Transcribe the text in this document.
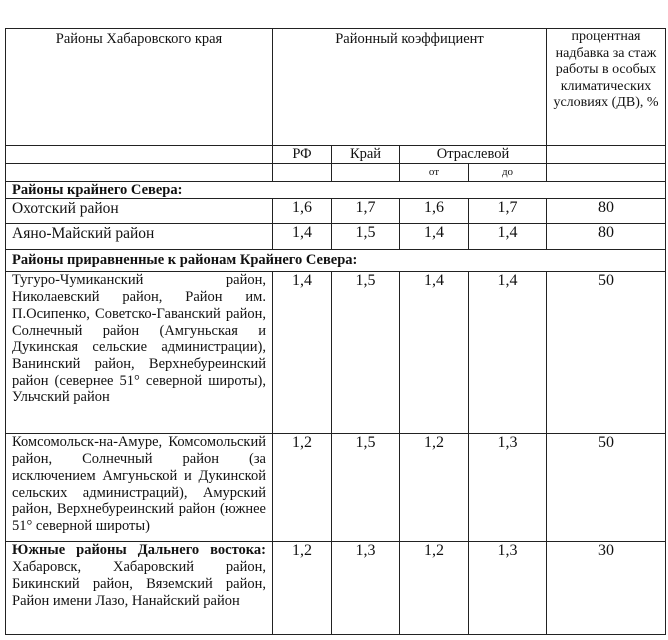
Районы Хабаровского края	Районный коэффициент				процентная надбавка за стаж работы в особых климатических условиях (ДВ), %
	РФ	Край	Отраслевой		
			от	до	
Районы крайнего Севера:					
Охотский район	1,6	1,7	1,6	1,7	80
Аяно-Майский район	1,4	1,5	1,4	1,4	80
Районы приравненные к районам Крайнего Севера:					
Тугуро-Чумиканский район, Николаевский район, Район им. П.Осипенко, Советско-Гаванский район, Солнечный район (Амгуньская и Дукинская сельские администрации), Ванинский район, Верхнебуреинский район (севернее 51° северной широты), Ульчский район	1,4	1,5	1,4	1,4	50
Комсомольск-на-Амуре, Комсомольский район, Солнечный район (за исключением Амгуньской и Дукинской сельских администраций), Амурский район, Верхнебуреинский район (южнее 51° северной широты)	1,2	1,5	1,2	1,3	50
Южные районы Дальнего востока: Хабаровск, Хабаровский район, Бикинский район, Вяземский район, Район имени Лазо, Нанайский район	1,2	1,3	1,2	1,3	30
